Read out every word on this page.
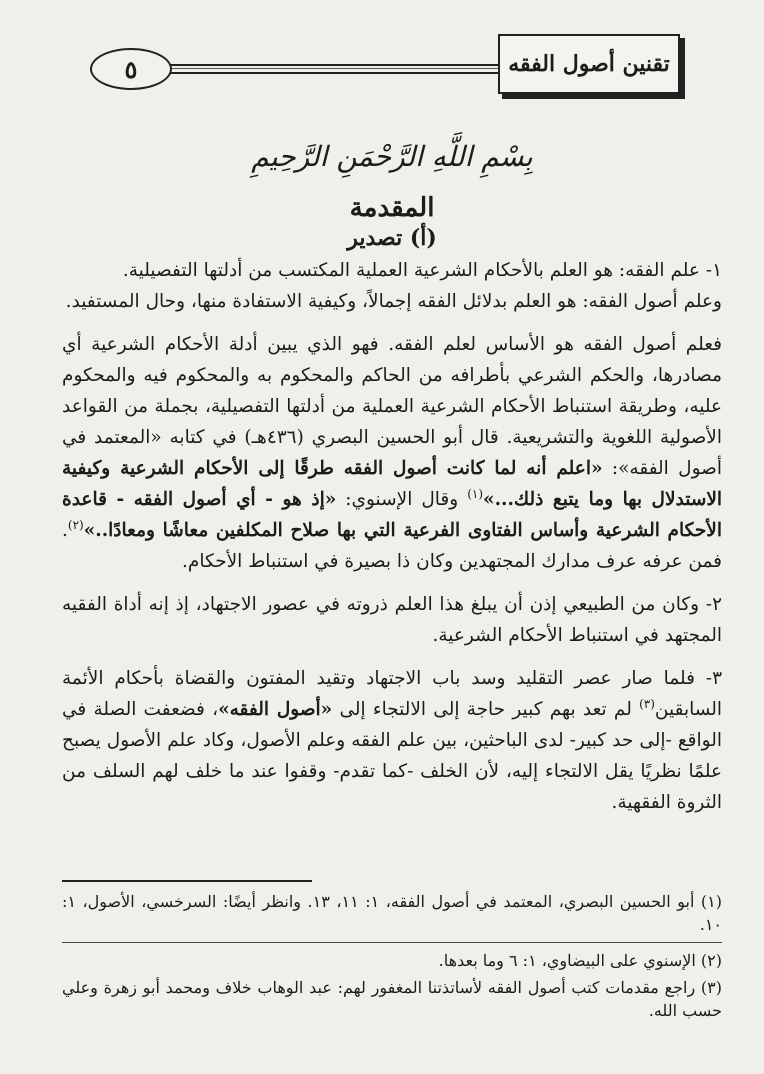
٥	تقنين أصول الفقه
بِسْمِ اللَّهِ الرَّحْمَنِ الرَّحِيمِ
المقدمة
(أ) تصدير

١- علم الفقه: هو العلم بالأحكام الشرعية العملية المكتسب من أدلتها التفصيلية.

وعلم أصول الفقه: هو العلم بدلائل الفقه إجمالاً، وكيفية الاستفادة منها، وحال المستفيد.

فعلم أصول الفقه هو الأساس لعلم الفقه. فهو الذي يبين أدلة الأحكام الشرعية أي مصادرها، والحكم الشرعي بأطرافه من الحاكم والمحكوم به والمحكوم فيه والمحكوم عليه، وطريقة استنباط الأحكام الشرعية العملية من أدلتها التفصيلية، بجملة من القواعد الأصولية اللغوية والتشريعية. قال أبو الحسين البصري (٤٣٦هـ) في كتابه «المعتمد في أصول الفقه»: «اعلم أنه لما كانت أصول الفقه طرقًا إلى الأحكام الشرعية وكيفية الاستدلال بها وما يتبع ذلك...»$^{(١)}$ وقال الإسنوي: «إذ هو - أي أصول الفقه - قاعدة الأحكام الشرعية وأساس الفتاوى الفرعية التي بها صلاح المكلفين معاشًا ومعادًا..»$^{(٢)}$. فمن عرفه عرف مدارك المجتهدين وكان ذا بصيرة في استنباط الأحكام.

٢- وكان من الطبيعي إذن أن يبلغ هذا العلم ذروته في عصور الاجتهاد، إذ إنه أداة الفقيه المجتهد في استنباط الأحكام الشرعية.

٣- فلما صار عصر التقليد وسد باب الاجتهاد وتقيد المفتون والقضاة بأحكام الأئمة السابقين$^{(٣)}$ لم تعد بهم كبير حاجة إلى الالتجاء إلى «أصول الفقه»، فضعفت الصلة في الواقع -إلى حد كبير- لدى الباحثين، بين علم الفقه وعلم الأصول، وكاد علم الأصول يصبح علمًا نظريًا يقل الالتجاء إليه، لأن الخلف -كما تقدم- وقفوا عند ما خلف لهم السلف من الثروة الفقهية.

(١) أبو الحسين البصري، المعتمد في أصول الفقه، ١: ١١، ١٣. وانظر أيضًا: السرخسي، الأصول، ١: ١٠.
(٢) الإسنوي على البيضاوي، ١: ٦ وما بعدها.
(٣) راجع مقدمات كتب أصول الفقه لأساتذتنا المغفور لهم: عبد الوهاب خلاف ومحمد أبو زهرة وعلي حسب الله.
